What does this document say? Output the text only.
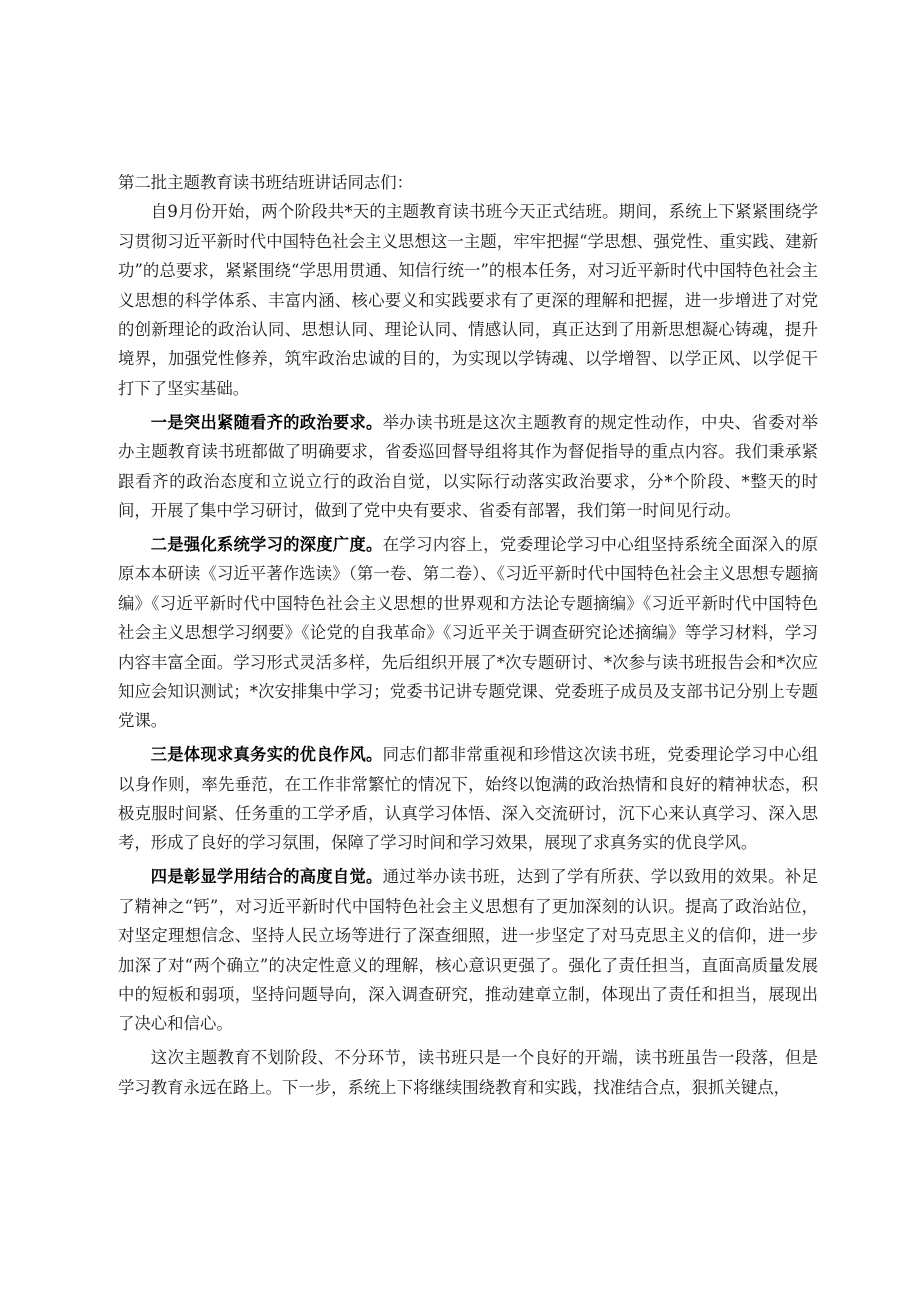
第二批主题教育读书班结班讲话同志们：

自9月份开始，两个阶段共*天的主题教育读书班今天正式结班。期间，系统上下紧紧围绕学习贯彻习近平新时代中国特色社会主义思想这一主题，牢牢把握“学思想、强党性、重实践、建新功”的总要求，紧紧围绕“学思用贯通、知信行统一”的根本任务，对习近平新时代中国特色社会主义思想的科学体系、丰富内涵、核心要义和实践要求有了更深的理解和把握，进一步增进了对党的创新理论的政治认同、思想认同、理论认同、情感认同，真正达到了用新思想凝心铸魂，提升境界，加强党性修养，筑牢政治忠诚的目的，为实现以学铸魂、以学增智、以学正风、以学促干打下了坚实基础。

一是突出紧随看齐的政治要求。举办读书班是这次主题教育的规定性动作，中央、省委对举办主题教育读书班都做了明确要求，省委巡回督导组将其作为督促指导的重点内容。我们秉承紧跟看齐的政治态度和立说立行的政治自觉，以实际行动落实政治要求，分*个阶段、*整天的时间，开展了集中学习研讨，做到了党中央有要求、省委有部署，我们第一时间见行动。

二是强化系统学习的深度广度。在学习内容上，党委理论学习中心组坚持系统全面深入的原原本本研读《习近平著作选读》（第一卷、第二卷）、《习近平新时代中国特色社会主义思想专题摘编》《习近平新时代中国特色社会主义思想的世界观和方法论专题摘编》《习近平新时代中国特色社会主义思想学习纲要》《论党的自我革命》《习近平关于调查研究论述摘编》等学习材料，学习内容丰富全面。学习形式灵活多样，先后组织开展了*次专题研讨、*次参与读书班报告会和*次应知应会知识测试；*次安排集中学习；党委书记讲专题党课、党委班子成员及支部书记分别上专题党课。

三是体现求真务实的优良作风。同志们都非常重视和珍惜这次读书班，党委理论学习中心组以身作则，率先垂范，在工作非常繁忙的情况下，始终以饱满的政治热情和良好的精神状态，积极克服时间紧、任务重的工学矛盾，认真学习体悟、深入交流研讨，沉下心来认真学习、深入思考，形成了良好的学习氛围，保障了学习时间和学习效果，展现了求真务实的优良学风。

四是彰显学用结合的高度自觉。通过举办读书班，达到了学有所获、学以致用的效果。补足了精神之“钙”，对习近平新时代中国特色社会主义思想有了更加深刻的认识。提高了政治站位，对坚定理想信念、坚持人民立场等进行了深查细照，进一步坚定了对马克思主义的信仰，进一步加深了对“两个确立”的决定性意义的理解，核心意识更强了。强化了责任担当，直面高质量发展中的短板和弱项，坚持问题导向，深入调查研究，推动建章立制，体现出了责任和担当，展现出了决心和信心。

这次主题教育不划阶段、不分环节，读书班只是一个良好的开端，读书班虽告一段落，但是学习教育永远在路上。下一步，系统上下将继续围绕教育和实践，找准结合点，狠抓关键点，
